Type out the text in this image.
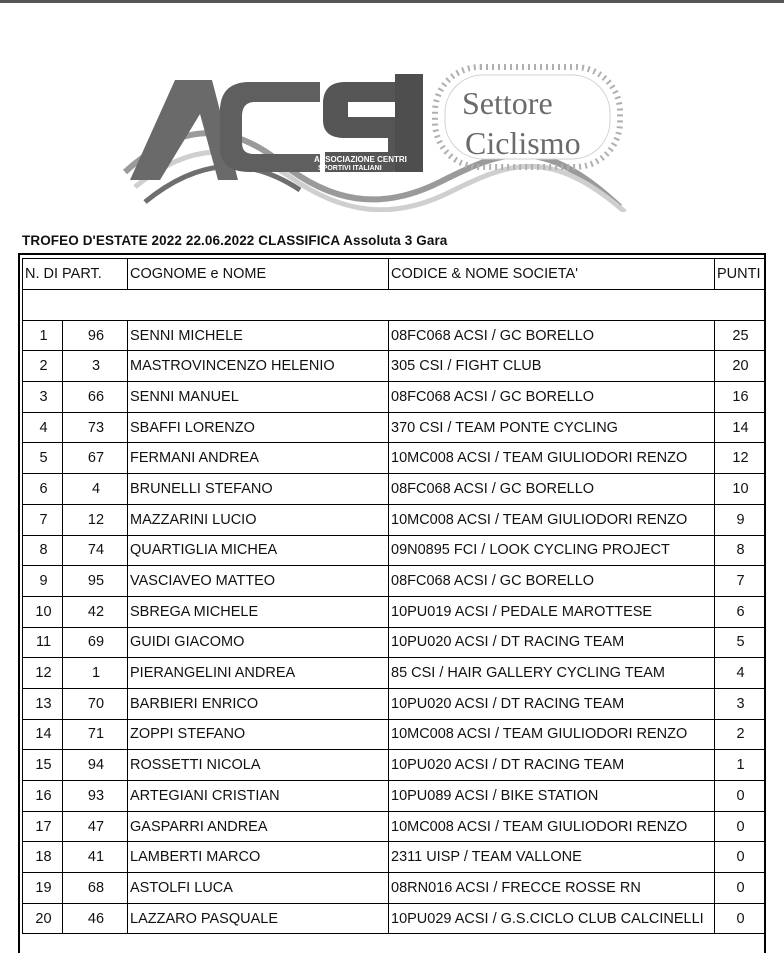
ASSOCIAZIONE CENTRI
SPORTIVI ITALIANI
Settore
Ciclismo
TROFEO D'ESTATE 2022 22.06.2022 CLASSIFICA Assoluta 3 Gara
N. DI PART.		COGNOME e NOME	CODICE & NOME SOCIETA'	PUNTI

1	96	SENNI MICHELE	08FC068 ACSI / GC BORELLO	25
2	3	MASTROVINCENZO HELENIO	305 CSI / FIGHT CLUB	20
3	66	SENNI MANUEL	08FC068 ACSI / GC BORELLO	16
4	73	SBAFFI LORENZO	370 CSI / TEAM PONTE CYCLING	14
5	67	FERMANI ANDREA	10MC008 ACSI / TEAM GIULIODORI RENZO	12
6	4	BRUNELLI STEFANO	08FC068 ACSI / GC BORELLO	10
7	12	MAZZARINI LUCIO	10MC008 ACSI / TEAM GIULIODORI RENZO	9
8	74	QUARTIGLIA MICHEA	09N0895 FCI / LOOK CYCLING PROJECT	8
9	95	VASCIAVEO MATTEO	08FC068 ACSI / GC BORELLO	7
10	42	SBREGA MICHELE	10PU019 ACSI / PEDALE MAROTTESE	6
11	69	GUIDI GIACOMO	10PU020 ACSI / DT RACING TEAM	5
12	1	PIERANGELINI ANDREA	85 CSI / HAIR GALLERY CYCLING TEAM	4
13	70	BARBIERI ENRICO	10PU020 ACSI / DT RACING TEAM	3
14	71	ZOPPI STEFANO	10MC008 ACSI / TEAM GIULIODORI RENZO	2
15	94	ROSSETTI NICOLA	10PU020 ACSI / DT RACING TEAM	1
16	93	ARTEGIANI CRISTIAN	10PU089 ACSI / BIKE STATION	0
17	47	GASPARRI ANDREA	10MC008 ACSI / TEAM GIULIODORI RENZO	0
18	41	LAMBERTI MARCO	2311 UISP / TEAM VALLONE	0
19	68	ASTOLFI LUCA	08RN016 ACSI / FRECCE ROSSE RN	0
20	46	LAZZARO PASQUALE	10PU029 ACSI / G.S.CICLO CLUB CALCINELLI	0
